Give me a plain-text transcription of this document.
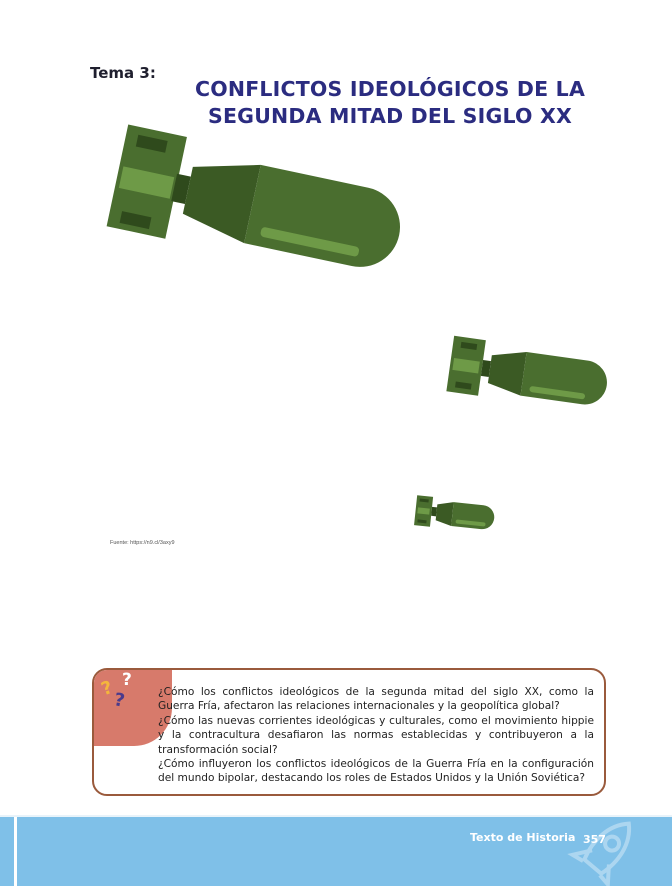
Tema 3:
CONFLICTOS IDEOLÓGICOS DE LA
SEGUNDA MITAD DEL SIGLO XX
Fuente: https://n9.cl/3axy9
? ?
?	¿Cómo los conflictos ideológicos de la segunda mitad del siglo XX, como la Guerra Fría, afectaron las relaciones internacionales y la geopolítica global?

¿Cómo las nuevas corrientes ideológicas y culturales, como el movimiento hippie y la contracultura desafiaron las normas establecidas y contribuyeron a la transformación social?

¿Cómo influyeron los conflictos ideológicos de la Guerra Fría en la configuración del mundo bipolar, destacando los roles de Estados Unidos y la Unión Soviética?

Texto de Historia 357
